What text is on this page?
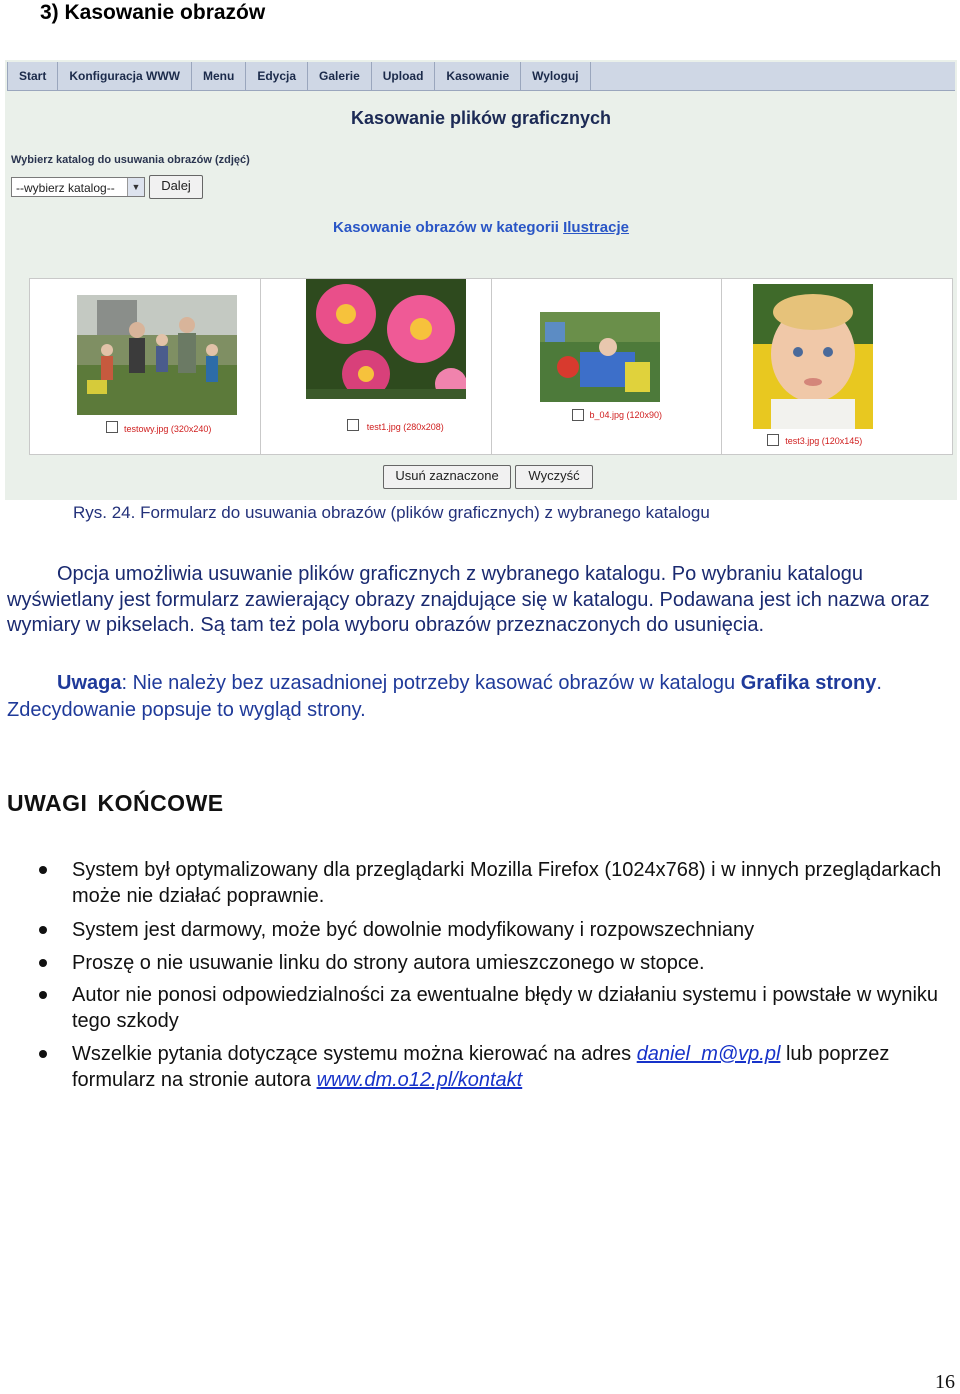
3) Kasowanie obrazów
Start	Konfiguracja WWW	Menu	Edycja	Galerie	Upload	Kasowanie	Wyloguj
Kasowanie plików graficznych
Wybierz katalog do usuwania obrazów (zdjęć)
--wybierz katalog--	▼	Dalej
Kasowanie obrazów w kategorii Ilustracje
testowy.jpg (320x240)	test1.jpg (280x208)
b_04.jpg (120x90)
test3.jpg (120x145)
Usuń zaznaczone	Wyczyść
Rys. 24. Formularz do usuwania obrazów (plików graficznych) z wybranego katalogu
Opcja umożliwia usuwanie plików graficznych z wybranego katalogu. Po wybraniu katalogu wyświetlany jest formularz zawierający obrazy znajdujące się w katalogu. Podawana jest ich nazwa oraz wymiary w pikselach. Są tam też pola wyboru obrazów przeznaczonych do usunięcia.
Uwaga: Nie należy bez uzasadnionej potrzeby kasować obrazów w katalogu Grafika strony. Zdecydowanie popsuje to wygląd strony.
UWAGI KOŃCOWE
System był optymalizowany dla przeglądarki Mozilla Firefox (1024x768) i w innych przeglądarkach może nie działać poprawnie.
System jest darmowy, może być dowolnie modyfikowany i rozpowszechniany
Proszę o nie usuwanie linku do strony autora umieszczonego w stopce.
Autor nie ponosi odpowiedzialności za ewentualne błędy w działaniu systemu i powstałe w wyniku tego szkody
Wszelkie pytania dotyczące systemu można kierować na adres daniel_m@vp.pl lub poprzez formularz na stronie autora www.dm.o12.pl/kontakt
16
